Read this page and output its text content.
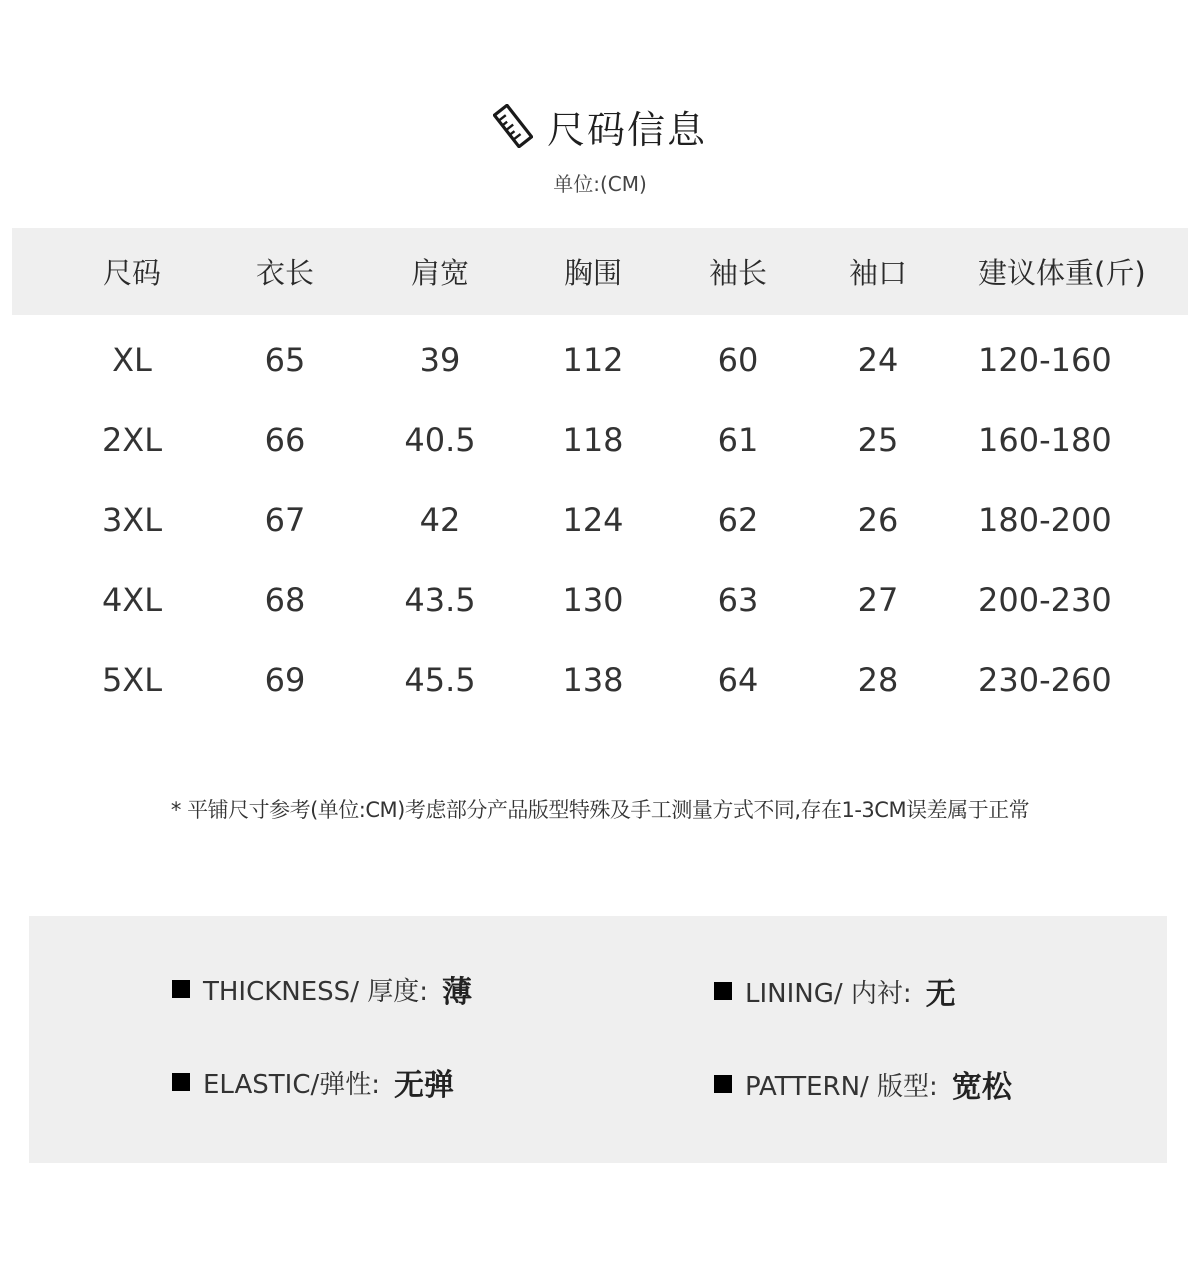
尺码信息
单位:(CM)
尺码	衣长	肩宽	胸围	袖长	袖口	建议体重(斤)
XL	65	39	112	60	24	120-160
2XL	66	40.5	118	61	25	160-180
3XL	67	42	124	62	26	180-200
4XL	68	43.5	130	63	27	200-230
5XL	69	45.5	138	64	28	230-260
* 平铺尺寸参考(单位:CM)考虑部分产品版型特殊及手工测量方式不同,存在1-3CM误差属于正常
THICKNESS/ 厚度: 薄	LINING/ 内衬: 无
ELASTIC/弹性: 无弹	PATTERN/ 版型: 宽松
